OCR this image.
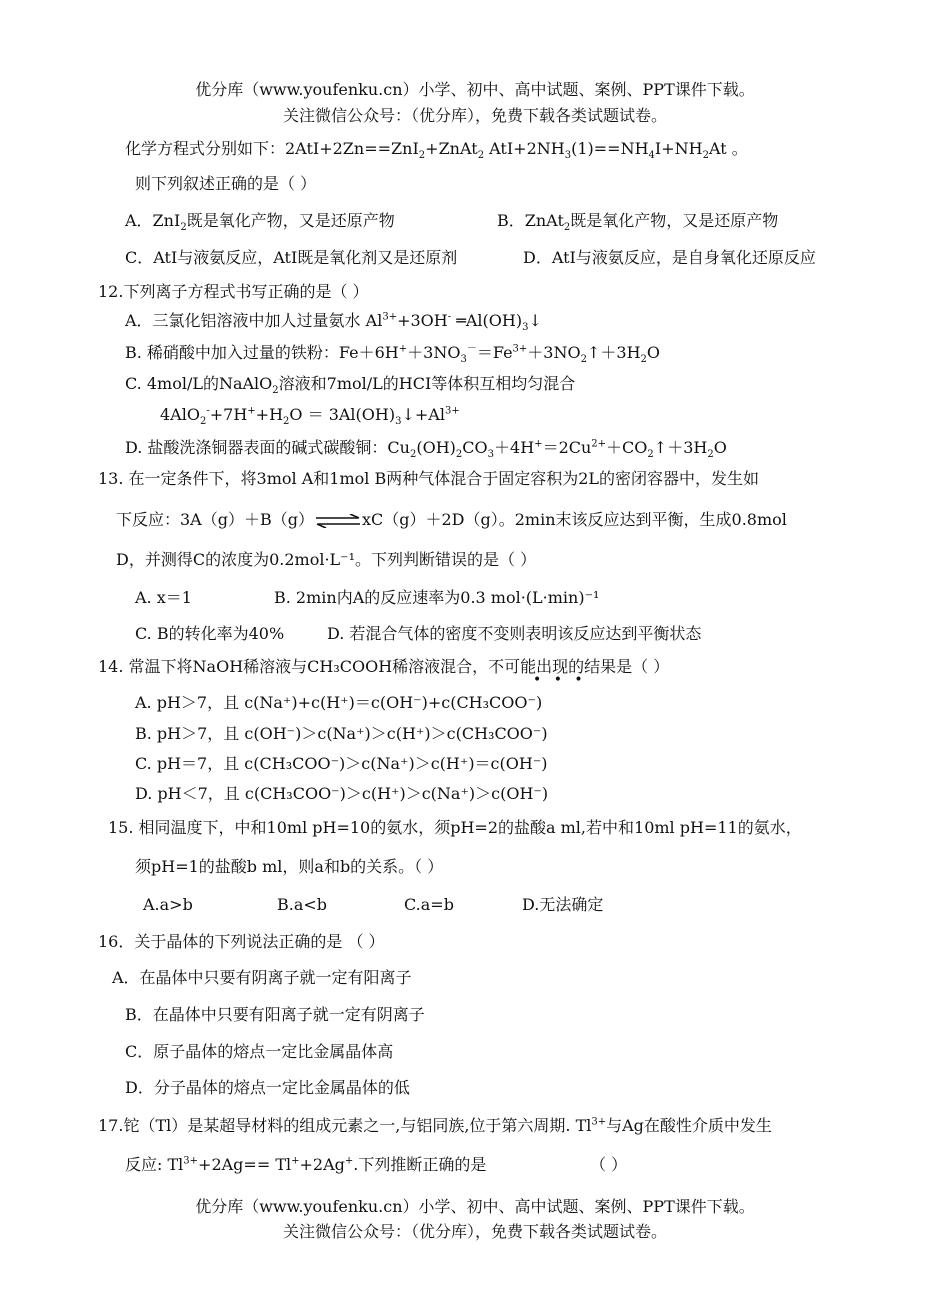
优分库（www.youfenku.cn）小学、初中、高中试题、案例、PPT课件下载。
关注微信公众号：（优分库），免费下载各类试题试卷。
化学方程式分别如下：2AtI+2Zn==ZnI$_2$+ZnAt$_2$ $AtI+2NH_3(1)==NH_4I+NH_2At$ 。
则下列叙述正确的是（ ）
A．ZnI$_2$既是氧化产物，又是还原产物	B．ZnAt$_2$既是氧化产物，又是还原产物
C．AtI与液氨反应，AtI既是氧化剂又是还原剂	D．AtI与液氨反应，是自身氧化还原反应
12.下列离子方程式书写正确的是（ ）
A．三氯化铝溶液中加人过量氨水 $Al^{3+}+3OH^-$ $═Al(OH)_3↓$
B. 稀硝酸中加入过量的铁粉：$Fe+6H^++3NO_3^-=Fe^{3+}+3NO_2↑+3H_2O$
C. 4mol/L的NaAlO$_2$溶液和7mol/L的HCI等体积互相均匀混合
$4AlO_2^-+7H^++H_2O$ ＝ $3Al(OH)_3↓+Al^{3+}$
D. 盐酸洗涤铜器表面的碱式碳酸铜：$Cu_2(OH)_2CO_3+4H^+=2Cu^{2+}+CO_2↑+3H_2O$
13. 在一定条件下，将3mol A和1mol B两种气体混合于固定容积为2L的密闭容器中，发生如
下反应：3A（g）＋B（g）⇌xC（g）＋2D（g）。2min末该反应达到平衡，生成0.8mol
D，并测得C的浓度为0.2mol·L⁻¹。下列判断错误的是（ ）
A. x＝1	B. 2min内A的反应速率为0.3 mol·(L·min)⁻¹
C. B的转化率为40%	D. 若混合气体的密度不变则表明该反应达到平衡状态
14. 常温下将NaOH稀溶液与CH₃COOH稀溶液混合，不可能出现的结果是（ ）
• • •
A. pH＞7，且 c(Na⁺)+c(H⁺)＝c(OH⁻)+c(CH₃COO⁻)
B. pH＞7，且 c(OH⁻)＞c(Na⁺)＞c(H⁺)＞c(CH₃COO⁻)
C. pH＝7，且 c(CH₃COO⁻)＞c(Na⁺)＞c(H⁺)＝c(OH⁻)
D. pH＜7，且 c(CH₃COO⁻)＞c(H⁺)＞c(Na⁺)＞c(OH⁻)
15. 相同温度下，中和10ml pH=10的氨水，须pH=2的盐酸a ml,若中和10ml pH=11的氨水，
须pH=1的盐酸b ml，则a和b的关系。（ ）
A.a>b	B.a<b	C.a=b	D.无法确定
16．关于晶体的下列说法正确的是 （ ）
A．在晶体中只要有阴离子就一定有阳离子
B．在晶体中只要有阳离子就一定有阴离子
C．原子晶体的熔点一定比金属晶体高
D．分子晶体的熔点一定比金属晶体的低
17.铊（Tl）是某超导材料的组成元素之一,与铝同族,位于第六周期. $Tl^{3+}$与Ag在酸性介质中发生
反应: $Tl^{3+}+2Ag== Tl^++2Ag^+$.下列推断正确的是	（ ）
优分库（www.youfenku.cn）小学、初中、高中试题、案例、PPT课件下载。
关注微信公众号：（优分库），免费下载各类试题试卷。
